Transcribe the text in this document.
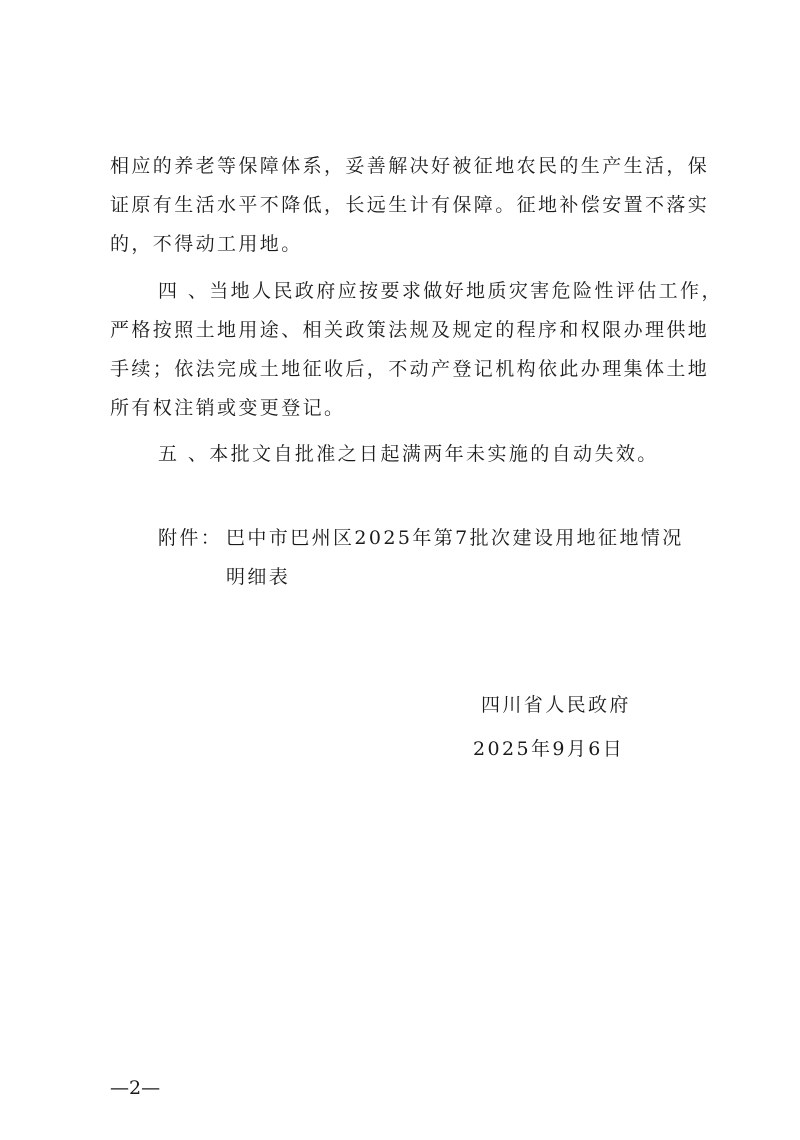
相应的养老等保障体系，妥善解决好被征地农民的生产生活，保
证原有生活水平不降低，长远生计有保障。征地补偿安置不落实
的，不得动工用地。
四 、当地人民政府应按要求做好地质灾害危险性评估工作，
严格按照土地用途、相关政策法规及规定的程序和权限办理供地
手续；依法完成土地征收后，不动产登记机构依此办理集体土地
所有权注销或变更登记。
五 、本批文自批准之日起满两年未实施的自动失效。
附件： 巴中市巴州区2025年第7批次建设用地征地情况
明细表
四川省人民政府
2025年9月6日
—2—
